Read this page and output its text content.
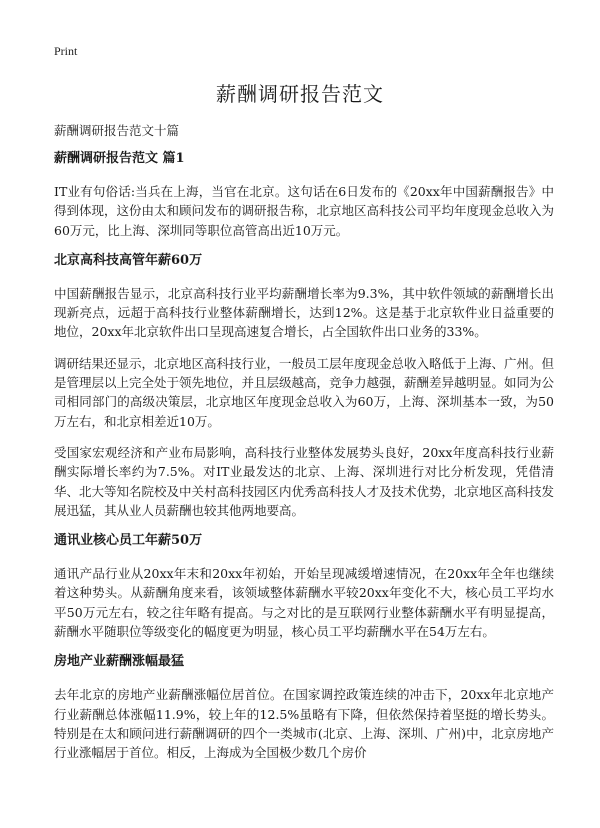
Print
薪酬调研报告范文
薪酬调研报告范文十篇
薪酬调研报告范文 篇1

IT业有句俗话:当兵在上海，当官在北京。这句话在6日发布的《20xx年中国薪酬报告》中得到体现，这份由太和顾问发布的调研报告称，北京地区高科技公司平均年度现金总收入为60万元，比上海、深圳同等职位高管高出近10万元。

北京高科技高管年薪60万

中国薪酬报告显示，北京高科技行业平均薪酬增长率为9.3%，其中软件领域的薪酬增长出现新亮点，远超于高科技行业整体薪酬增长，达到12%。这是基于北京软件业日益重要的地位，20xx年北京软件出口呈现高速复合增长，占全国软件出口业务的33%。

调研结果还显示，北京地区高科技行业，一般员工层年度现金总收入略低于上海、广州。但是管理层以上完全处于领先地位，并且层级越高，竞争力越强，薪酬差异越明显。如同为公司相同部门的高级决策层，北京地区年度现金总收入为60万，上海、深圳基本一致，为50万左右，和北京相差近10万。

受国家宏观经济和产业布局影响，高科技行业整体发展势头良好，20xx年度高科技行业薪酬实际增长率约为7.5%。对IT业最发达的北京、上海、深圳进行对比分析发现，凭借清华、北大等知名院校及中关村高科技园区内优秀高科技人才及技术优势，北京地区高科技发展迅猛，其从业人员薪酬也较其他两地要高。

通讯业核心员工年薪50万

通讯产品行业从20xx年末和20xx年初始，开始呈现减缓增速情况，在20xx年全年也继续着这种势头。从薪酬角度来看，该领域整体薪酬水平较20xx年变化不大，核心员工平均水平50万元左右，较之往年略有提高。与之对比的是互联网行业整体薪酬水平有明显提高，薪酬水平随职位等级变化的幅度更为明显，核心员工平均薪酬水平在54万左右。

房地产业薪酬涨幅最猛

去年北京的房地产业薪酬涨幅位居首位。在国家调控政策连续的冲击下，20xx年北京地产行业薪酬总体涨幅11.9%，较上年的12.5%虽略有下降，但依然保持着坚挺的增长势头。特别是在太和顾问进行薪酬调研的四个一类城市(北京、上海、深圳、广州)中，北京房地产行业涨幅居于首位。相反，上海成为全国极少数几个房价
